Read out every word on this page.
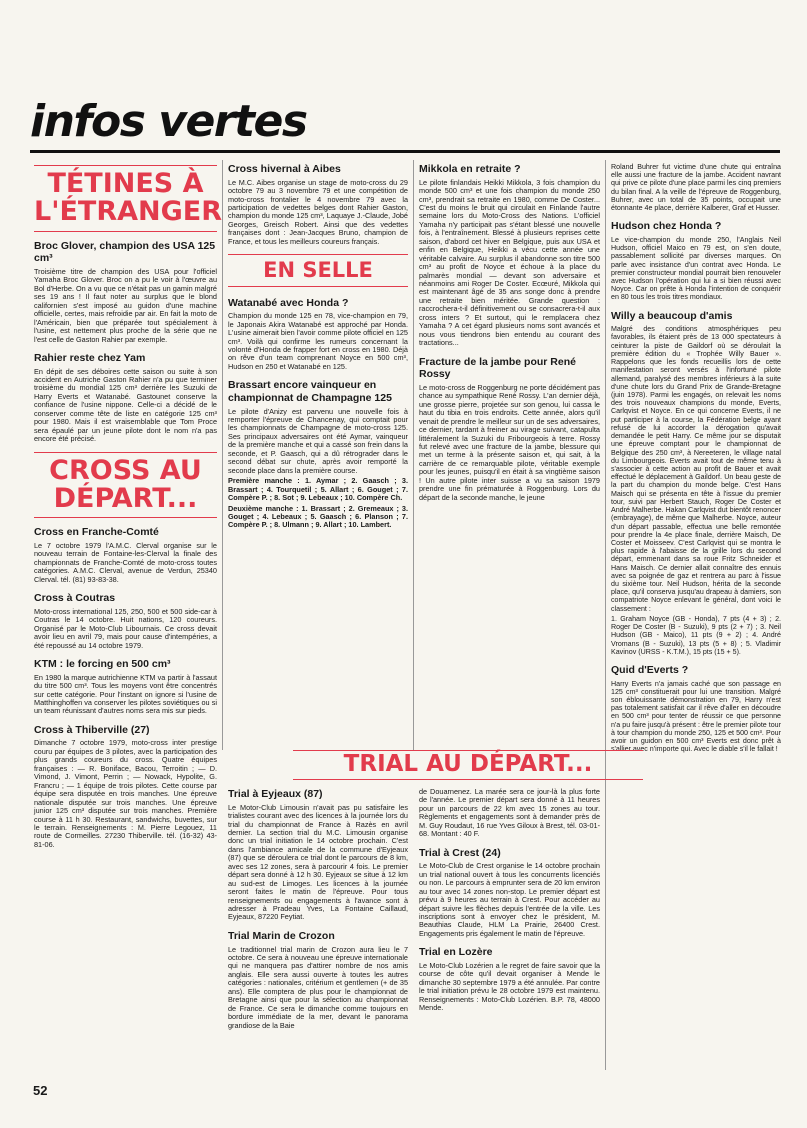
infos vertes
TÉTINES À L'ÉTRANGER
Broc Glover, champion des USA 125 cm³

Troisième titre de champion des USA pour l'officiel Yamaha Broc Glover. Broc on a pu le voir à l'œuvre au Bol d'Herbe. On a vu que ce n'était pas un gamin malgré ses 19 ans ! Il faut noter au surplus que le blond californien s'est imposé au guidon d'une machine officielle, certes, mais refroidie par air. En fait la moto de l'Américain, bien que préparée tout spécialement à l'usine, est nettement plus proche de la série que ne l'est celle de Gaston Rahier par exemple.

Rahier reste chez Yam

En dépit de ses déboires cette saison ou suite à son accident en Autriche Gaston Rahier n'a pu que terminer troisième du mondial 125 cm³ derrière les Suzuki de Harry Everts et Watanabé. Gastounet conserve la confiance de l'usine nippone. Celle-ci a décidé de le conserver comme tête de liste en catégorie 125 cm³ pour 1980. Mais il est vraisemblable que Tom Proce sera épaulé par un jeune pilote dont le nom n'a pas encore été précisé.

CROSS AU DÉPART...
Cross en Franche-Comté

Le 7 octobre 1979 l'A.M.C. Clerval organise sur le nouveau terrain de Fontaine-les-Clerval la finale des championnats de Franche-Comté de moto-cross toutes catégories. A.M.C. Clerval, avenue de Verdun, 25340 Clerval. tél. (81) 93-83-38.

Cross à Coutras

Moto-cross international 125, 250, 500 et 500 side-car à Coutras le 14 octobre. Huit nations, 120 coureurs. Organisé par le Moto-Club Libournais. Ce cross devait avoir lieu en avril 79, mais pour cause d'intempéries, a été repoussé au 14 octobre 1979.

KTM : le forcing en 500 cm³

En 1980 la marque autrichienne KTM va partir à l'assaut du titre 500 cm³. Tous les moyens vont être concentrés sur cette catégorie. Pour l'instant on ignore si l'usine de Matthinghoffen va conserver les pilotes soviétiques ou si un team réunissant d'autres noms sera mis sur pieds.

Cross à Thiberville (27)

Dimanche 7 octobre 1979, moto-cross inter prestige couru par équipes de 3 pilotes, avec la participation des plus grands coureurs du cross. Quatre équipes françaises : — R. Boniface, Bacou, Terroitin ; — D. Vimond, J. Vimont, Perrin ; — Nowack, Hypolite, G. Francru ; — 1 équipe de trois pilotes. Cette course par équipe sera disputée en trois manches. Une épreuve nationale disputée sur trois manches. Une épreuve junior 125 cm³ disputée sur trois manches. Première course à 11 h 30. Restaurant, sandwichs, buvettes, sur le terrain. Renseignements : M. Pierre Legouez, 11 route de Cormeilles. 27230 Thiberville. tél. (16-32) 43-81-06.

Cross hivernal à Aibes

Le M.C. Aibes organise un stage de moto-cross du 29 octobre 79 au 3 novembre 79 et une compétition de moto-cross frontalier le 4 novembre 79 avec la participation de vedettes belges dont Rahier Gaston, champion du monde 125 cm³, Laquaye J.-Claude, Jobé Georges, Greisch Robert. Ainsi que des vedettes françaises dont : Jean-Jacques Bruno, champion de France, et tous les meilleurs coureurs français.

EN SELLE
Watanabé avec Honda ?

Champion du monde 125 en 78, vice-champion en 79, le Japonais Akira Watanabé est approché par Honda. L'usine aimerait bien l'avoir comme pilote officiel en 125 cm³. Voilà qui confirme les rumeurs concernant la volonté d'Honda de frapper fort en cross en 1980. Déjà on rêve d'un team comprenant Noyce en 500 cm³, Hudson en 250 et Watanabé en 125.

Brassart encore vainqueur en championnat de Champagne 125

Le pilote d'Anizy est parvenu une nouvelle fois à remporter l'épreuve de Chancenay, qui comptait pour les championnats de Champagne de moto-cross 125. Ses principaux adversaires ont été Aymar, vainqueur de la première manche et qui a cassé son frein dans la seconde, et P. Gaasch, qui a dû rétrograder dans le second débat sur chute, après avoir remporté la seconde place dans la première course.

Première manche : 1. Aymar ; 2. Gaasch ; 3. Brassart ; 4. Tourquetil ; 5. Allart ; 6. Gouget ; 7. Compère P. ; 8. Sot ; 9. Lebeaux ; 10. Compère Ch.

Deuxième manche : 1. Brassart ; 2. Gremeaux ; 3. Gouget ; 4. Lebeaux ; 5. Gaasch ; 6. Planson ; 7. Compère P. ; 8. Ulmann ; 9. Allart ; 10. Lambert.

Mikkola en retraite ?

Le pilote finlandais Heikki Mikkola, 3 fois champion du monde 500 cm³ et une fois champion du monde 250 cm³, prendrait sa retraite en 1980, comme De Coster... C'est du moins le bruit qui circulait en Finlande l'autre semaine lors du Moto-Cross des Nations. L'officiel Yamaha n'y participait pas s'étant blessé une nouvelle fois, à l'entraînement. Blessé à plusieurs reprises cette saison, d'abord cet hiver en Belgique, puis aux USA et enfin en Belgique, Heikki a vécu cette année une véritable calvaire. Au surplus il abandonne son titre 500 cm³ au profit de Noyce et échoue à la place du palmarès mondial — devant son adversaire et néanmoins ami Roger De Coster. Ecœuré, Mikkola qui est maintenant âgé de 35 ans songe donc à prendre une retraite bien méritée. Grande question : raccrochera-t-il définitivement ou se consacrera-t-il aux cross inters ? Et surtout, qui le remplacera chez Yamaha ? A cet égard plusieurs noms sont avancés et nous vous tiendrons bien entendu au courant des tractations...

Fracture de la jambe pour René Rossy

Le moto-cross de Roggenburg ne porte décidément pas chance au sympathique René Rossy. L'an dernier déjà, une grosse pierre, projetée sur son genou, lui cassa le haut du tibia en trois endroits. Cette année, alors qu'il venait de prendre le meilleur sur un de ses adversaires, ce dernier, tardant à freiner au virage suivant, catapulta littéralement la Suzuki du Fribourgeois à terre. Rossy fut relevé avec une fracture de la jambe, blessure qui met un terme à la présente saison et, qui sait, à la carrière de ce remarquable pilote, véritable exemple pour les jeunes, puisqu'il en était à sa vingtième saison ! Un autre pilote inter suisse a vu sa saison 1979 prendre une fin prématurée à Roggenburg. Lors du départ de la seconde manche, le jeune

Roland Buhrer fut victime d'une chute qui entraîna elle aussi une fracture de la jambe. Accident navrant qui prive ce pilote d'une place parmi les cinq premiers du bilan final. A la veille de l'épreuve de Roggenburg, Buhrer, avec un total de 35 points, occupait une étonnante 4e place, derrière Kalberer, Graf et Husser.

Hudson chez Honda ?

Le vice-champion du monde 250, l'Anglais Neil Hudson, officiel Maico en 79 est, on s'en doute, passablement sollicité par diverses marques. On parle avec insistance d'un contrat avec Honda. Le premier constructeur mondial pourrait bien renouveler avec Hudson l'opération qui lui a si bien réussi avec Noyce. Car on prête à Honda l'intention de conquérir en 80 tous les trois titres mondiaux.

Willy a beaucoup d'amis

Malgré des conditions atmosphériques peu favorables, ils étaient près de 13 000 spectateurs à ceinturer la piste de Gaildorf où se déroulait la première édition du « Trophée Willy Bauer ». Rappelons que les fonds recueillis lors de cette manifestation seront versés à l'infortuné pilote allemand, paralysé des membres inférieurs à la suite d'une chute lors du Grand Prix de Grande-Bretagne (juin 1978). Parmi les engagés, on relevait les noms des trois nouveaux champions du monde, Everts, Carlqvist et Noyce. En ce qui concerne Everts, il ne put participer à la course, la Fédération belge ayant refusé de lui accorder la dérogation qu'avait demandée le petit Harry. Ce même jour se disputait une épreuve comptant pour le championnat de Belgique des 250 cm³, à Nereeteren, le village natal du Limbourgeois. Everts avait tout de même tenu à s'associer à cette action au profit de Bauer et avait effectué le déplacement à Gaildorf. Un beau geste de la part du champion du monde belge. C'est Hans Maisch qui se présenta en tête à l'issue du premier tour, suivi par Herbert Stauch, Roger De Coster et André Malherbe. Hakan Carlqvist dut bientôt renoncer (embrayage), de même que Malherbe. Noyce, auteur d'un départ passable, effectua une belle remontée pour prendre la 4e place finale, derrière Maisch, De Coster et Moisseev. C'est Carlqvist qui se montra le plus rapide à l'abaisse de la grille lors du second départ, emmenant dans sa roue Fritz Schneider et Hans Maisch. Ce dernier allait connaître des ennuis avec sa poignée de gaz et rentrera au parc à l'issue du sixième tour. Neil Hudson, hérita de la seconde place, qu'il conserva jusqu'au drapeau à damiers, son compatriote Noyce enlevant le général, dont voici le classement :

1. Graham Noyce (GB - Honda), 7 pts (4 + 3) ; 2. Roger De Coster (B - Suzuki), 9 pts (2 + 7) ; 3. Neil Hudson (GB - Maico), 11 pts (9 + 2) ; 4. André Vromans (B - Suzuki), 13 pts (5 + 8) ; 5. Vladimir Kavinov (URSS - K.T.M.), 15 pts (15 + 5).

Quid d'Everts ?

Harry Everts n'a jamais caché que son passage en 125 cm³ constituerait pour lui une transition. Malgré son éblouissante démonstration en 79, Harry n'est pas totalement satisfait car il rêve d'aller en découdre en 500 cm³ pour tenter de réussir ce que personne n'a pu faire jusqu'à présent : être le premier pilote tour à tour champion du monde 250, 125 et 500 cm³. Pour avoir un guidon en 500 cm³ Everts est donc prêt à s'allier avec n'importe qui. Avec le diable s'il le fallait !

TRIAL AU DÉPART...
Trial à Eyjeaux (87)

Le Motor-Club Limousin n'avait pas pu satisfaire les trialistes courant avec des licences à la journée lors du trial du championnat de France à Razès en avril dernier. La section trial du M.C. Limousin organise donc un trial initiation le 14 octobre prochain. C'est dans l'ambiance amicale de la commune d'Eyjeaux (87) que se déroulera ce trial dont le parcours de 8 km, avec ses 12 zones, sera à parcourir 4 fois. Le premier départ sera donné à 12 h 30. Eyjeaux se situe à 12 km au sud-est de Limoges. Les licences à la journée seront faites le matin de l'épreuve. Pour tous renseignements ou engagements à l'avance sont à adresser à Pradeau Yves, La Fontaine Caillaud, Eyjeaux, 87220 Feytiat.

Trial Marin de Crozon

Le traditionnel trial marin de Crozon aura lieu le 7 octobre. Ce sera à nouveau une épreuve internationale qui ne manquera pas d'attirer nombre de nos amis anglais. Elle sera aussi ouverte à toutes les autres catégories : nationales, critérium et gentlemen (+ de 35 ans). Elle comptera de plus pour le championnat de Bretagne ainsi que pour la sélection au championnat de France. Ce sera le dimanche comme toujours en bordure immédiate de la mer, devant le panorama grandiose de la Baie

de Douarnenez. La marée sera ce jour-là la plus forte de l'année. Le premier départ sera donné à 11 heures pour un parcours de 22 km avec 15 zones au tour. Règlements et engagements sont à demander près de M. Guy Roudaut, 16 rue Yves Giloux à Brest, tél. 03-01-68. Montant : 40 F.

Trial à Crest (24)

Le Moto-Club de Crest organise le 14 octobre prochain un trial national ouvert à tous les concurrents licenciés ou non. Le parcours à emprunter sera de 20 km environ au tour avec 14 zones non-stop. Le premier départ est prévu à 9 heures au terrain à Crest. Pour accéder au départ suivre les flèches depuis l'entrée de la ville. Les inscriptions sont à envoyer chez le président, M. Beauthias Claude, HLM La Prairie, 26400 Crest. Engagements pris également le matin de l'épreuve.

Trial en Lozère

Le Moto-Club Lozérien a le regret de faire savoir que la course de côte qu'il devait organiser à Mende le dimanche 30 septembre 1979 a été annulée. Par contre le trial initiation prévu le 28 octobre 1979 est maintenu. Renseignements : Moto-Club Lozérien. B.P. 78, 48000 Mende.

52
